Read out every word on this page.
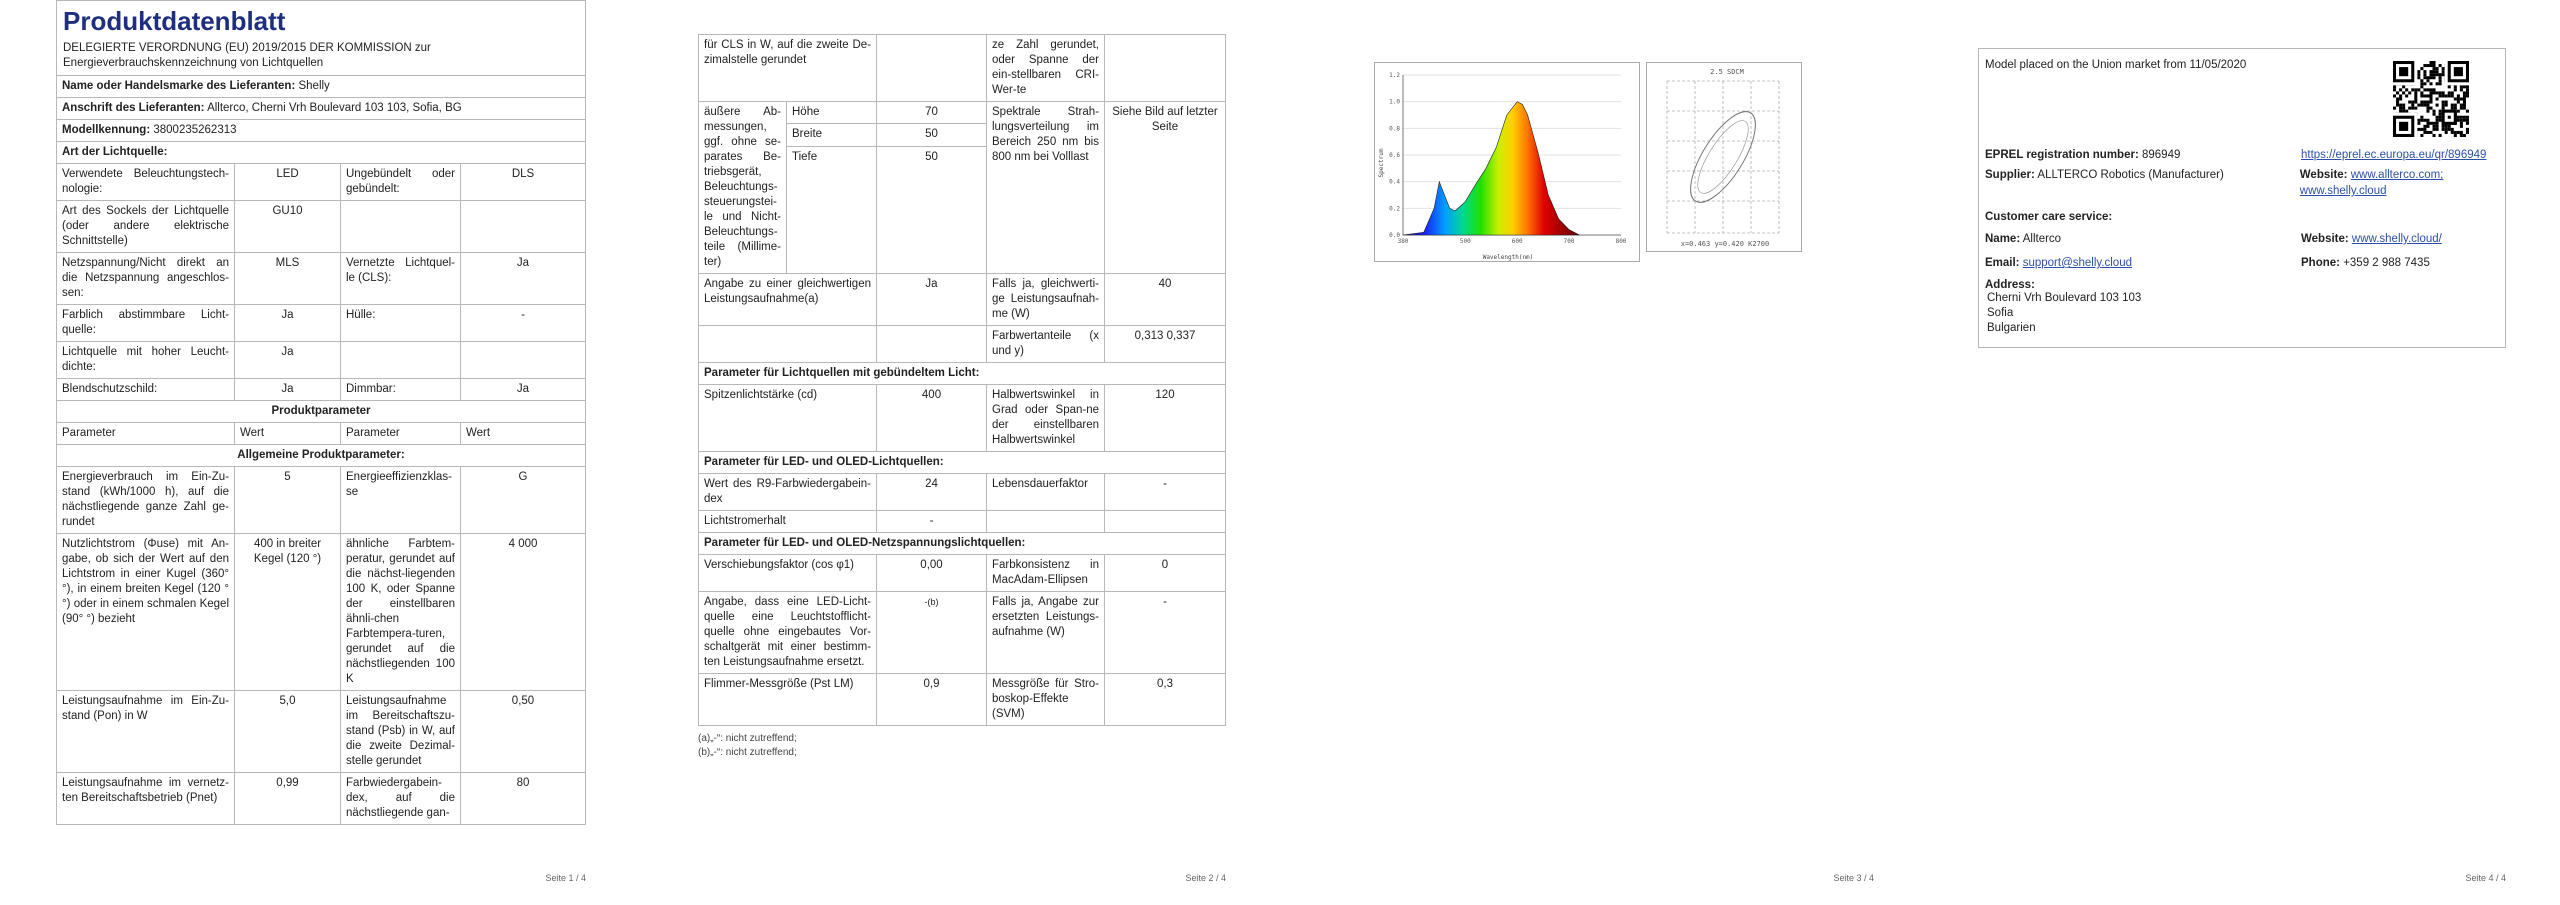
Produktdatenblatt
DELEGIERTE VERORDNUNG (EU) 2019/2015 DER KOMMISSION zur Energieverbrauchskennzeichnung von Lichtquellen
Name oder Handelsmarke des Lieferanten: Shelly			
Anschrift des Lieferanten: Allterco, Cherni Vrh Boulevard 103 103, Sofia, BG			
Modellkennung: 3800235262313			
Art der Lichtquelle:			
Verwendete Beleuchtungstech-nologie:	LED	Ungebündelt oder gebündelt:	DLS
Art des Sockels der Lichtquelle (oder andere elektrische Schnittstelle)	GU10		
Netzspannung/Nicht direkt an die Netzspannung angeschlos-sen:	MLS	Vernetzte Lichtquel-le (CLS):	Ja
Farblich abstimmbare Licht-quelle:	Ja	Hülle:	-
Lichtquelle mit hoher Leucht-dichte:	Ja		
Blendschutzschild:	Ja	Dimmbar:	Ja
Produktparameter			
Parameter	Wert	Parameter	Wert
Allgemeine Produktparameter:			
Energieverbrauch im Ein-Zu-stand (kWh/1000 h), auf die nächstliegende ganze Zahl ge-rundet	5	Energieeffizienzklas-se	G
Nutzlichtstrom (Φuse) mit An-gabe, ob sich der Wert auf den Lichtstrom in einer Kugel (360° °), in einem breiten Kegel (120 °°) oder in einem schmalen Kegel (90° °) bezieht	400 in breiter Kegel (120 °)	ähnliche Farbtem-peratur, gerundet auf die nächst-liegenden 100 K, oder Spanne der einstellbaren ähnli-chen Farbtempera-turen, gerundet auf die nächstliegenden 100 K	4 000
Leistungsaufnahme im Ein-Zu-stand (Pon) in W	5,0	Leistungsaufnahme im Bereitschaftszu-stand (Psb) in W, auf die zweite Dezimal-stelle gerundet	0,50
Leistungsaufnahme im vernetz-ten Bereitschaftsbetrieb (Pnet)	0,99	Farbwiedergabein-dex, auf die nächstliegende gan-	80
Seite 1 / 4
für CLS in W, auf die zweite De-zimalstelle gerundet			ze Zahl gerundet, oder Spanne der ein-stellbaren CRI-Wer-te	
äußere Ab-messungen, ggf. ohne se-parates Be-triebsgerät, Beleuchtungs-steuerungstei-le und Nicht-Beleuchtungs-teile (Millime-ter)	Höhe	70	Spektrale Strah-lungsverteilung im Bereich 250 nm bis 800 nm bei Volllast	Siehe Bild auf letzter Seite
	Breite	50		
	Tiefe	50		
Angabe zu einer gleichwertigen Leistungsaufnahme(a)		Ja	Falls ja, gleichwerti-ge Leistungsaufnah-me (W)	40
			Farbwertanteile (x und y)	0,313 0,337
Parameter für Lichtquellen mit gebündeltem Licht:				
Spitzenlichtstärke (cd)		400	Halbwertswinkel in Grad oder Span-ne der einstellbaren Halbwertswinkel	120
Parameter für LED- und OLED-Lichtquellen:				
Wert des R9-Farbwiedergabein-dex		24	Lebensdauerfaktor	-
Lichtstromerhalt		-		
Parameter für LED- und OLED-Netzspannungslichtquellen:				
Verschiebungsfaktor (cos φ1)		0,00	Farbkonsistenz in MacAdam-Ellipsen	0
Angabe, dass eine LED-Licht-quelle eine Leuchtstofflicht-quelle ohne eingebautes Vor-schaltgerät mit einer bestimm-ten Leistungsaufnahme ersetzt.		-(b)	Falls ja, Angabe zur ersetzten Leistungs-aufnahme (W)	-
Flimmer-Messgröße (Pst LM)		0,9	Messgröße für Stro-boskop-Effekte (SVM)	0,3
(a)„-“: nicht zutreffend;
(b)„-“: nicht zutreffend;
Seite 2 / 4
0.0
0.2
0.4
0.6
0.8
1.0
1.2
380	500	600	700	800
Wavelength(nm)
Spectrum
2.5 SDCM
x=0.463 y=0.420 K2700
Seite 3 / 4
Model placed on the Union market from 11/05/2020
EPREL registration number: 896949	https://eprel.ec.europa.eu/qr/896949
Supplier: ALLTERCO Robotics (Manufacturer)	Website: www.allterco.com; www.shelly.cloud
Customer care service:
Name: Allterco	Website: www.shelly.cloud/
Email: support@shelly.cloud	Phone: +359 2 988 7435
Address:
Cherni Vrh Boulevard 103 103
Sofia
Bulgarien
Seite 4 / 4
